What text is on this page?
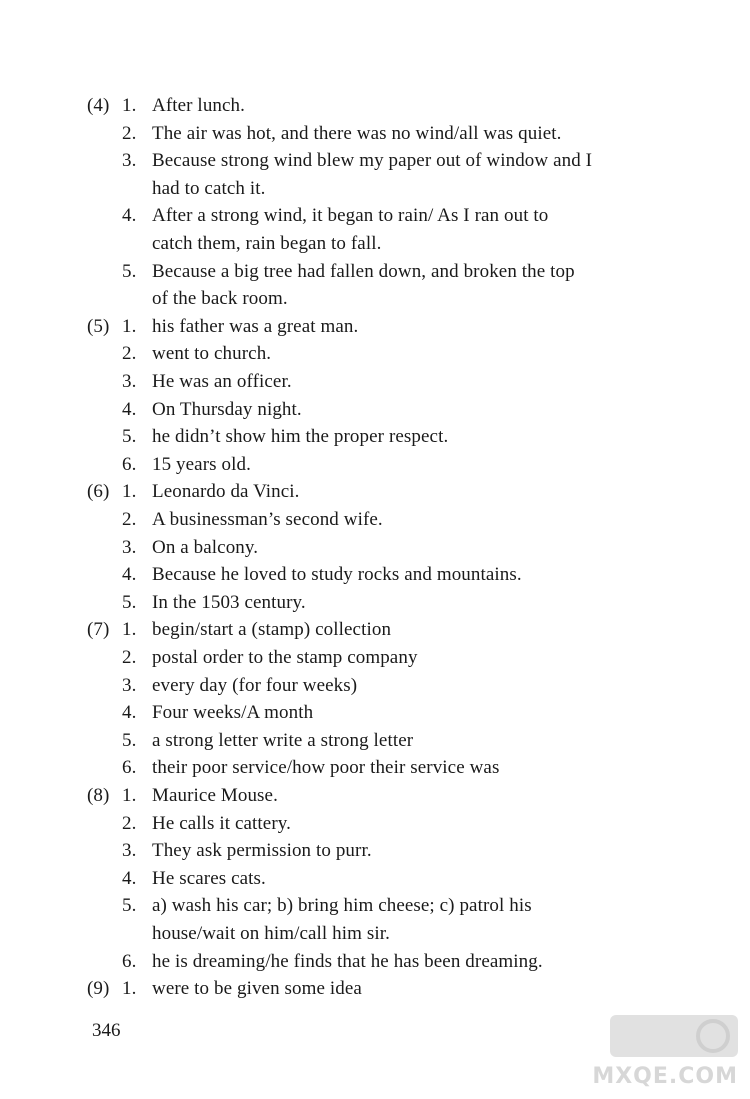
(4) 1. After lunch.
2. The air was hot, and there was no wind/all was quiet.
3. Because strong wind blew my paper out of window and I
had to catch it.
4. After a strong wind, it began to rain/ As I ran out to
catch them, rain began to fall.
5. Because a big tree had fallen down, and broken the top
of the back room.
(5) 1. his father was a great man.
2. went to church.
3. He was an officer.
4. On Thursday night.
5. he didn’t show him the proper respect.
6. 15 years old.
(6) 1. Leonardo da Vinci.
2. A businessman’s second wife.
3. On a balcony.
4. Because he loved to study rocks and mountains.
5. In the 1503 century.
(7) 1. begin/start a (stamp) collection
2. postal order to the stamp company
3. every day (for four weeks)
4. Four weeks/A month
5. a strong letter write a strong letter
6. their poor service/how poor their service was
(8) 1. Maurice Mouse.
2. He calls it cattery.
3. They ask permission to purr.
4. He scares cats.
5. a) wash his car; b) bring him cheese; c) patrol his
house/wait on him/call him sir.
6. he is dreaming/he finds that he has been dreaming.
(9) 1. were to be given some idea
346
MXQE.COM
